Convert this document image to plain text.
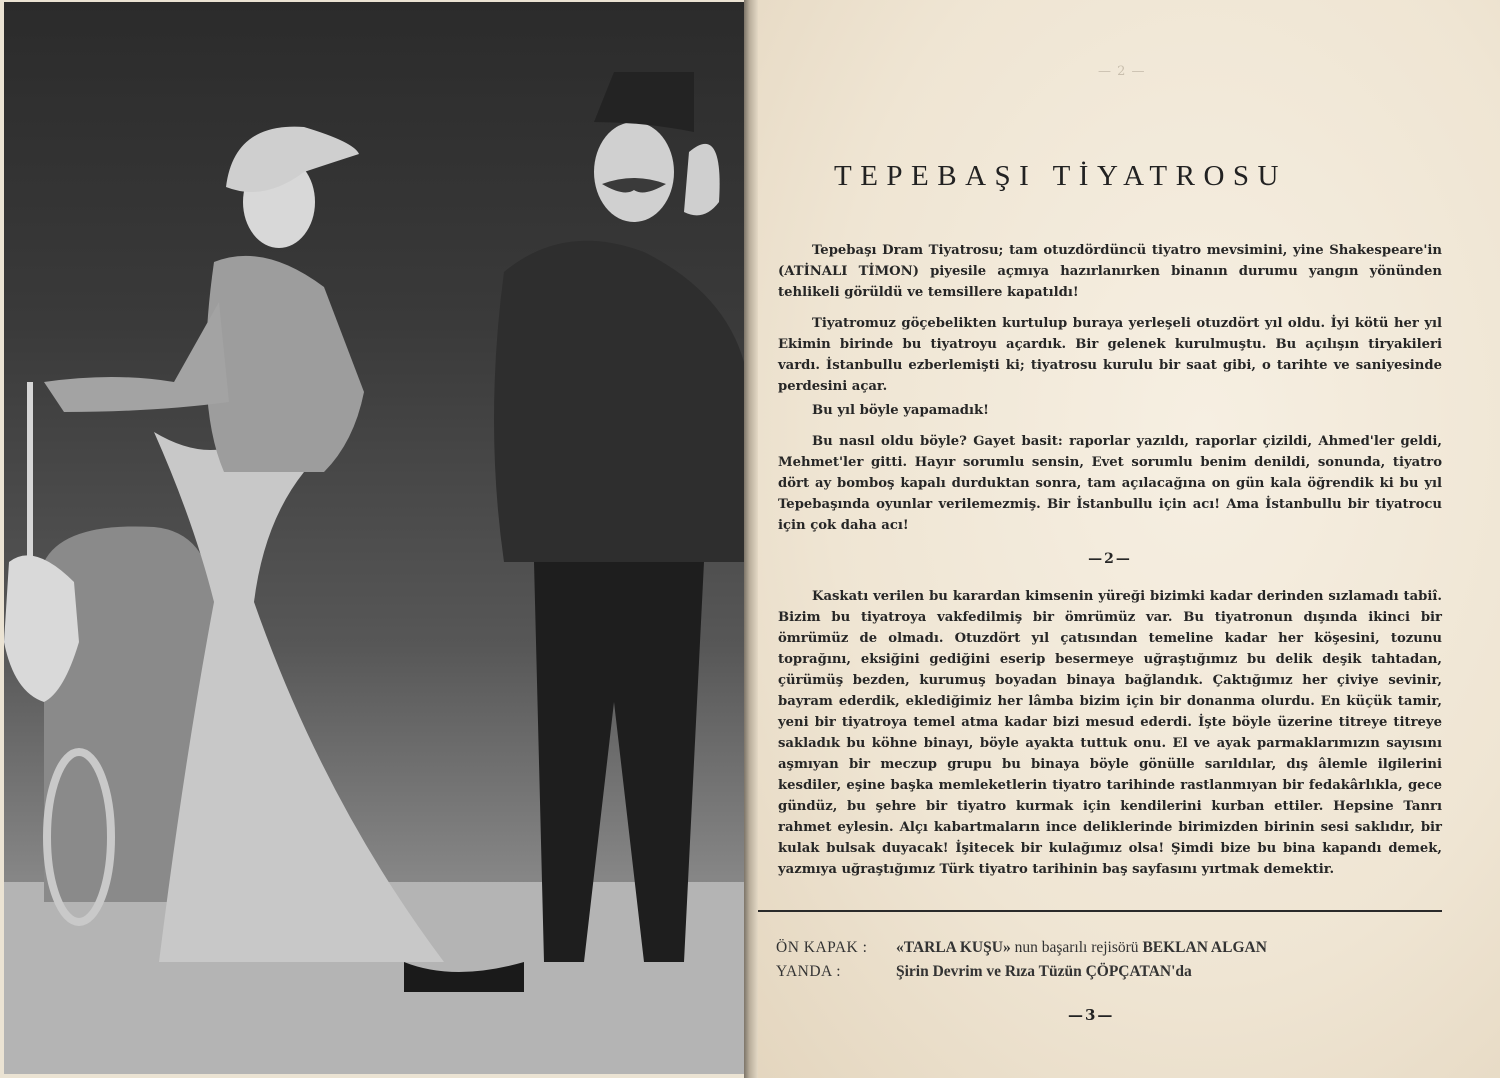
— 2 —
TEPEBAŞI TİYATROSU

Tepebaşı Dram Tiyatrosu; tam otuzdördüncü tiyatro mevsimini, yine Shakespeare'in (ATİNALI TİMON) piyesile açmıya hazırlanırken binanın durumu yangın yönünden tehlikeli görüldü ve temsillere kapatıldı!

Tiyatromuz göçebelikten kurtulup buraya yerleşeli otuzdört yıl oldu. İyi kötü her yıl Ekimin birinde bu tiyatroyu açardık. Bir gelenek kurulmuştu. Bu açılışın tiryakileri vardı. İstanbullu ezberlemişti ki; tiyatrosu kurulu bir saat gibi, o tarihte ve saniyesinde perdesini açar.

Bu yıl böyle yapamadık!

Bu nasıl oldu böyle? Gayet basit: raporlar yazıldı, raporlar çizildi, Ahmed'ler geldi, Mehmet'ler gitti. Hayır sorumlu sensin, Evet sorumlu benim denildi, sonunda, tiyatro dört ay bomboş kapalı durduktan sonra, tam açılacağına on gün kala öğrendik ki bu yıl Tepebaşında oyunlar verilemezmiş. Bir İstanbullu için acı! Ama İstanbullu bir tiyatrocu için çok daha acı!

—2—

Kaskatı verilen bu karardan kimsenin yüreği bizimki kadar derinden sızlamadı tabiî. Bizim bu tiyatroya vakfedilmiş bir ömrümüz var. Bu tiyatronun dışında ikinci bir ömrümüz de olmadı. Otuzdört yıl çatısından temeline kadar her köşesini, tozunu toprağını, eksiğini gediğini eserip besermeye uğraştığımız bu delik deşik tahtadan, çürümüş bezden, kurumuş boyadan binaya bağlandık. Çaktığımız her çiviye sevinir, bayram ederdik, eklediğimiz her lâmba bizim için bir donanma olurdu. En küçük tamir, yeni bir tiyatroya temel atma kadar bizi mesud ederdi. İşte böyle üzerine titreye titreye sakladık bu köhne binayı, böyle ayakta tuttuk onu. El ve ayak parmaklarımızın sayısını aşmıyan bir meczup grupu bu binaya böyle gönülle sarıldılar, dış âlemle ilgilerini kesdiler, eşine başka memleketlerin tiyatro tarihinde rastlanmıyan bir fedakârlıkla, gece gündüz, bu şehre bir tiyatro kurmak için kendilerini kurban ettiler. Hepsine Tanrı rahmet eylesin. Alçı kabartmaların ince deliklerinde birimizden birinin sesi saklıdır, bir kulak bulsak duyacak! İşitecek bir kulağımız olsa! Şimdi bize bu bina kapandı demek, yazmıya uğraştığımız Türk tiyatro tarihinin baş sayfasını yırtmak demektir.

ÖN KAPAK : «TARLA KUŞU» nun başarılı rejisörü BEKLAN ALGAN
YANDA :	Şirin Devrim ve Rıza Tüzün ÇÖPÇATAN'da
—3—
